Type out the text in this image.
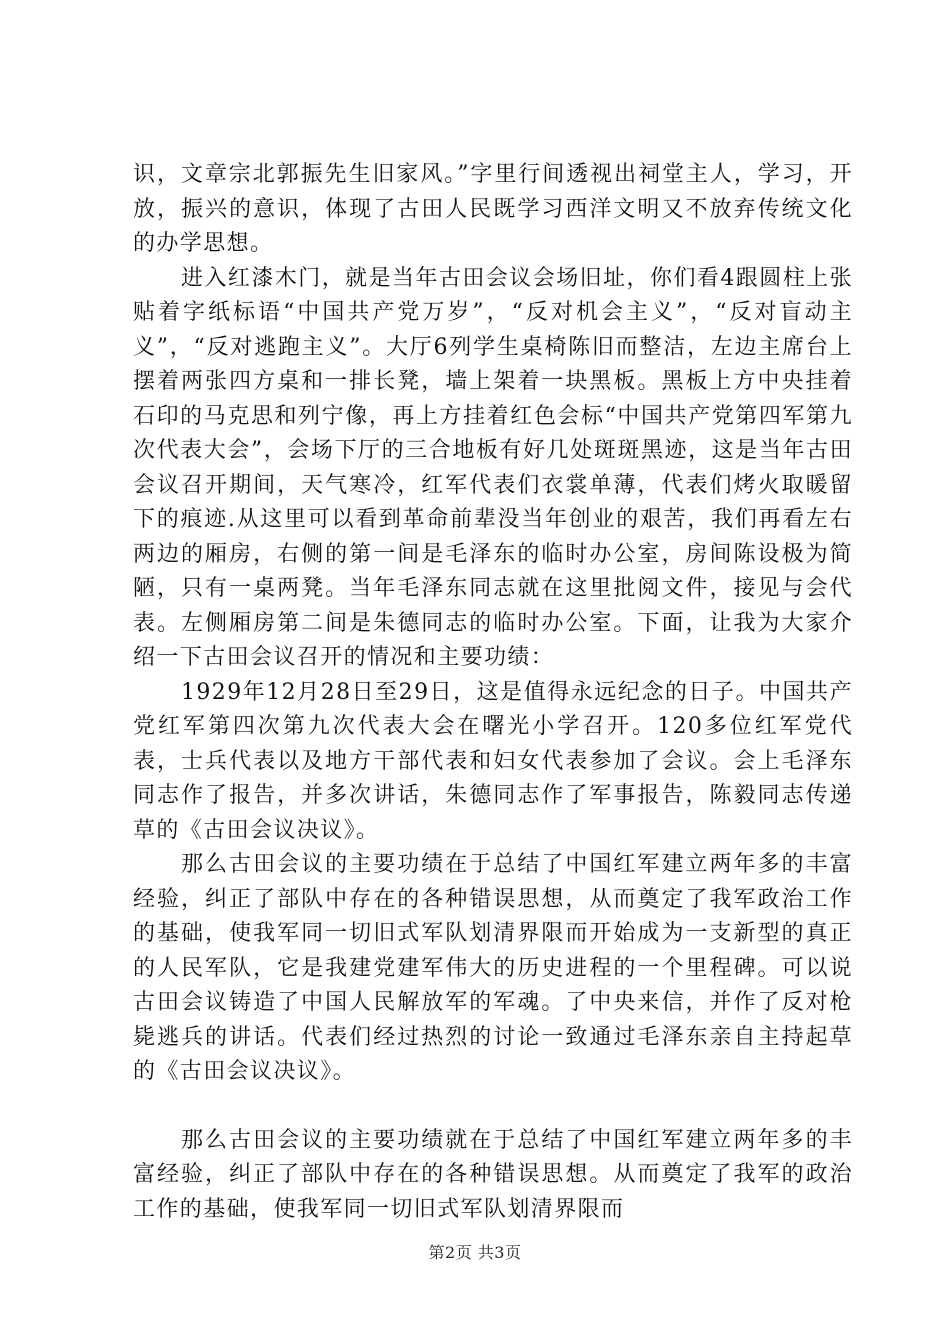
识，文章宗北郭振先生旧家风。”字里行间透视出祠堂主人，学习，开放，振兴的意识，体现了古田人民既学习西洋文明又不放弃传统文化的办学思想。

进入红漆木门，就是当年古田会议会场旧址，你们看4跟圆柱上张贴着字纸标语“中国共产党万岁”，“反对机会主义”，“反对盲动主义”，“反对逃跑主义”。大厅6列学生桌椅陈旧而整洁，左边主席台上摆着两张四方桌和一排长凳，墙上架着一块黑板。黑板上方中央挂着石印的马克思和列宁像，再上方挂着红色会标“中国共产党第四军第九次代表大会”，会场下厅的三合地板有好几处斑斑黑迹，这是当年古田会议召开期间，天气寒冷，红军代表们衣裳单薄，代表们烤火取暖留下的痕迹.从这里可以看到革命前辈没当年创业的艰苦，我们再看左右两边的厢房，右侧的第一间是毛泽东的临时办公室，房间陈设极为简陋，只有一桌两凳。当年毛泽东同志就在这里批阅文件，接见与会代表。左侧厢房第二间是朱德同志的临时办公室。下面，让我为大家介绍一下古田会议召开的情况和主要功绩：

1929年12月28日至29日，这是值得永远纪念的日子。中国共产党红军第四次第九次代表大会在曙光小学召开。120多位红军党代表，士兵代表以及地方干部代表和妇女代表参加了会议。会上毛泽东同志作了报告，并多次讲话，朱德同志作了军事报告，陈毅同志传递草的《古田会议决议》。

那么古田会议的主要功绩在于总结了中国红军建立两年多的丰富经验，纠正了部队中存在的各种错误思想，从而奠定了我军政治工作的基础，使我军同一切旧式军队划清界限而开始成为一支新型的真正的人民军队，它是我建党建军伟大的历史进程的一个里程碑。可以说古田会议铸造了中国人民解放军的军魂。了中央来信，并作了反对枪毙逃兵的讲话。代表们经过热烈的讨论一致通过毛泽东亲自主持起草的《古田会议决议》。

那么古田会议的主要功绩就在于总结了中国红军建立两年多的丰富经验，纠正了部队中存在的各种错误思想。从而奠定了我军的政治工作的基础，使我军同一切旧式军队划清界限而

第2页 共3页
